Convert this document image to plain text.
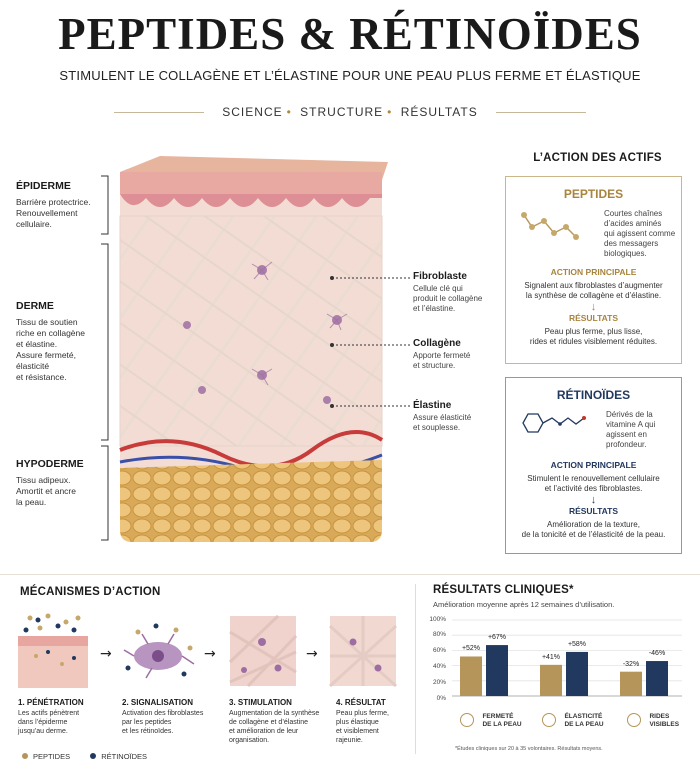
PEPTIDES & RÉTINOÏDES
STIMULENT LE COLLAGÈNE ET L’ÉLASTINE POUR UNE PEAU PLUS FERME ET ÉLASTIQUE
SCIENCE • STRUCTURE • RÉSULTATS
ÉPIDERME
Barrière protectrice.
Renouvellement
cellulaire.
DERME
Tissu de soutien
riche en collagène
et élastine.
Assure fermeté,
élasticité
et résistance.
HYPODERME
Tissu adipeux.
Amortit et ancre
la peau.
Fibroblaste
Cellule clé qui
produit le collagène
et l’élastine.
Collagène
Apporte fermeté
et structure.
Élastine
Assure élasticité
et souplesse.
L’ACTION DES ACTIFS
PEPTIDES
Courtes chaînes
d’acides aminés
qui agissent comme
des messagers
biologiques.
ACTION PRINCIPALE
Signalent aux fibroblastes d’augmenter
la synthèse de collagène et d’élastine.
↓
RÉSULTATS
Peau plus ferme, plus lisse,
rides et ridules visiblement réduites.
RÉTINOÏDES
Dérivés de la
vitamine A qui
agissent en
profondeur.
ACTION PRINCIPALE
Stimulent le renouvellement cellulaire
et l’activité des fibroblastes.
↓
RÉSULTATS
Amélioration de la texture,
de la tonicité et de l’élasticité de la peau.
MÉCANISMES D’ACTION
→	→	→
1. PÉNÉTRATION
Les actifs pénètrent
dans l’épiderme
jusqu’au derme.
2. SIGNALISATION
Activation des fibroblastes
par les peptides
et les rétinoïdes.
3. STIMULATION
Augmentation de la synthèse
de collagène et d’élastine
et amélioration de leur
organisation.
4. RÉSULTAT
Peau plus ferme,
plus élastique
et visiblement
rajeunie.
PEPTIDES	RÉTINOÏDES
RÉSULTATS CLINIQUES*
Amélioration moyenne après 12 semaines d’utilisation.
100%
80%
60%
40%
20%
0%
+52%
+67%
+41%
+58%
-32%
-46%

FERMETÉ
DE LA PEAU

ÉLASTICITÉ
DE LA PEAU

RIDES
VISIBLES
*Études cliniques sur 20 à 35 volontaires. Résultats moyens.
